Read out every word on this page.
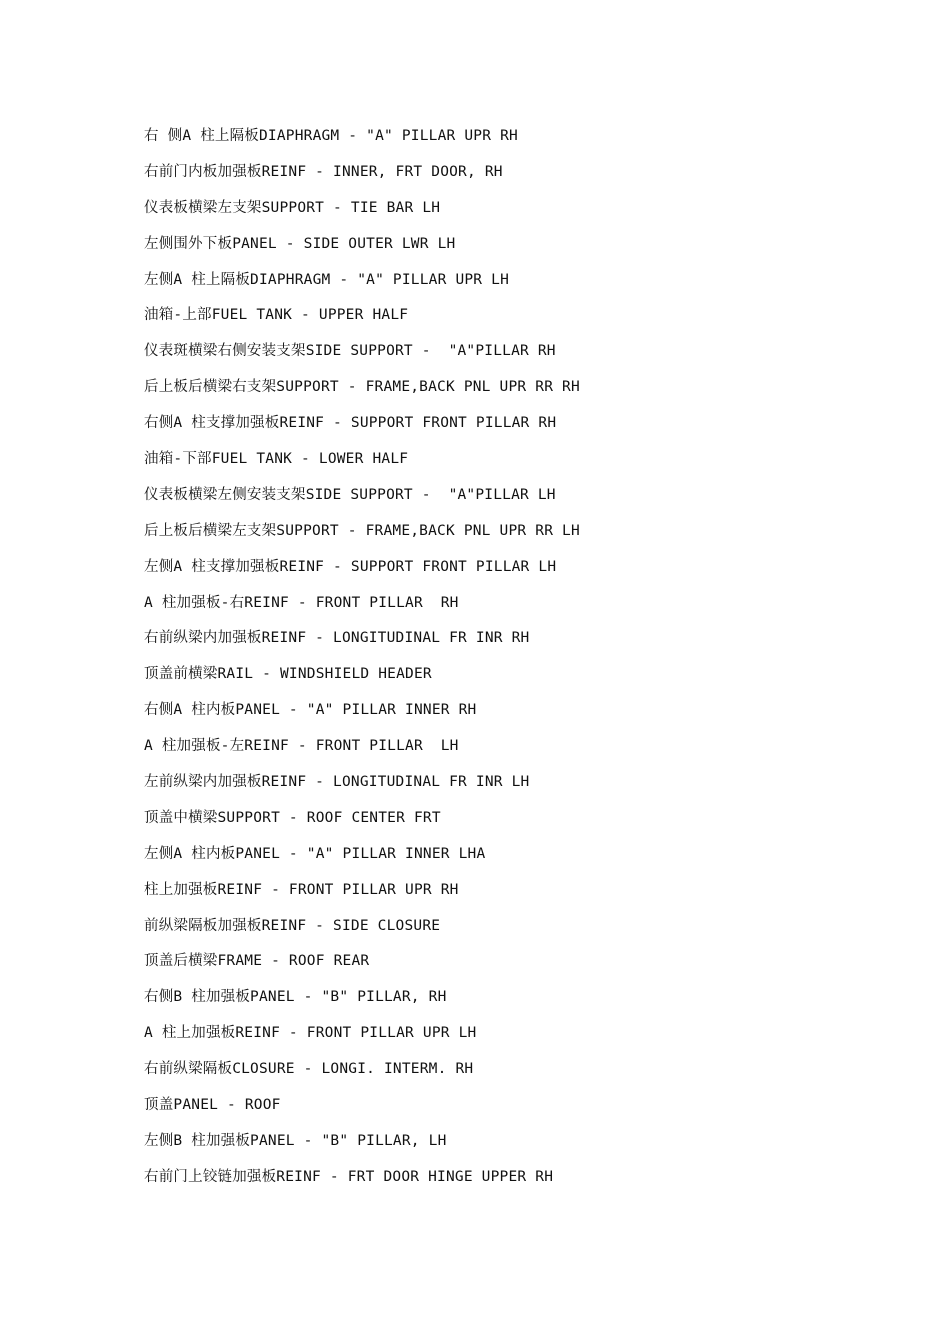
右 侧A 柱上隔板DIAPHRAGM - "A" PILLAR UPR RH
右前门内板加强板REINF - INNER, FRT DOOR, RH
仪表板横梁左支架SUPPORT - TIE BAR LH
左侧围外下板PANEL - SIDE OUTER LWR LH
左侧A 柱上隔板DIAPHRAGM - "A" PILLAR UPR LH
油箱-上部FUEL TANK - UPPER HALF
仪表斑横梁右侧安装支架SIDE SUPPORT -  "A"PILLAR RH
后上板后横梁右支架SUPPORT - FRAME,BACK PNL UPR RR RH
右侧A 柱支撑加强板REINF - SUPPORT FRONT PILLAR RH
油箱-下部FUEL TANK - LOWER HALF
仪表板横梁左侧安装支架SIDE SUPPORT -  "A"PILLAR LH
后上板后横梁左支架SUPPORT - FRAME,BACK PNL UPR RR LH
左侧A 柱支撑加强板REINF - SUPPORT FRONT PILLAR LH
A 柱加强板-右REINF - FRONT PILLAR  RH
右前纵梁内加强板REINF - LONGITUDINAL FR INR RH
顶盖前横梁RAIL - WINDSHIELD HEADER
右侧A 柱内板PANEL - "A" PILLAR INNER RH
A 柱加强板-左REINF - FRONT PILLAR  LH
左前纵梁内加强板REINF - LONGITUDINAL FR INR LH
顶盖中横梁SUPPORT - ROOF CENTER FRT
左侧A 柱内板PANEL - "A" PILLAR INNER LHA
柱上加强板REINF - FRONT PILLAR UPR RH
前纵梁隔板加强板REINF - SIDE CLOSURE
顶盖后横梁FRAME - ROOF REAR
右侧B 柱加强板PANEL - "B" PILLAR, RH
A 柱上加强板REINF - FRONT PILLAR UPR LH
右前纵梁隔板CLOSURE - LONGI. INTERM. RH
顶盖PANEL - ROOF
左侧B 柱加强板PANEL - "B" PILLAR, LH
右前门上铰链加强板REINF - FRT DOOR HINGE UPPER RH
